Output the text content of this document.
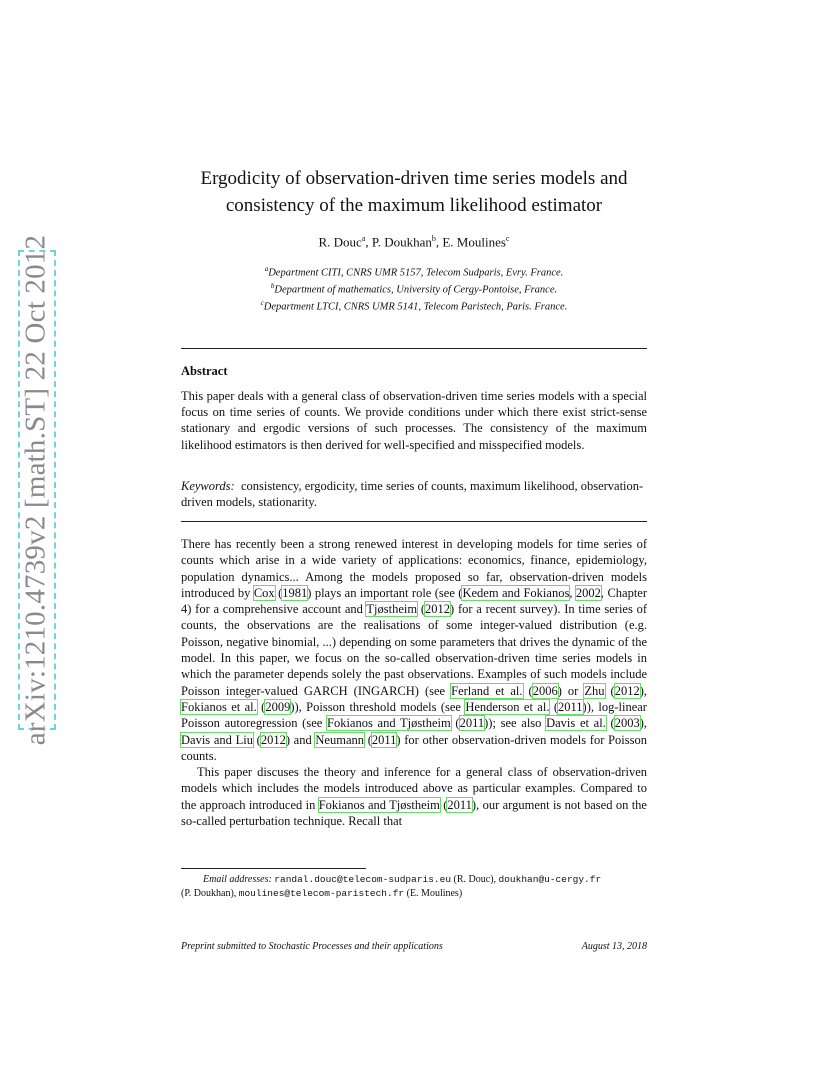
arXiv:1210.4739v2 [math.ST] 22 Oct 2012
Ergodicity of observation-driven time series models and
consistency of the maximum likelihood estimator
R. Douc$^a$, P. Doukhan$^b$, E. Moulines$^c$
$^a$Department CITI, CNRS UMR 5157, Telecom Sudparis, Evry. France.
$^b$Department of mathematics, University of Cergy-Pontoise, France.
$^c$Department LTCI, CNRS UMR 5141, Telecom Paristech, Paris. France.
Abstract
This paper deals with a general class of observation-driven time series models with a special focus on time series of counts. We provide conditions under which there exist strict-sense stationary and ergodic versions of such processes. The consistency of the maximum likelihood estimators is then derived for well-specified and misspecified models.
Keywords: consistency, ergodicity, time series of counts, maximum likelihood, observation-driven models, stationarity.

There has recently been a strong renewed interest in developing models for time series of counts which arise in a wide variety of applications: economics, finance, epidemiology, population dynamics... Among the models proposed so far, observation-driven models introduced by Cox (1981) plays an important role (see (Kedem and Fokianos, 2002, Chapter 4) for a comprehensive account and Tjøstheim (2012) for a recent survey). In time series of counts, the observations are the realisations of some integer-valued distribution (e.g. Poisson, negative binomial, ...) depending on some parameters that drives the dynamic of the model. In this paper, we focus on the so-called observation-driven time series models in which the parameter depends solely the past observations. Examples of such models include Poisson integer-valued GARCH (INGARCH) (see Ferland et al. (2006) or Zhu (2012), Fokianos et al. (2009)), Poisson threshold models (see Henderson et al. (2011)), log-linear Poisson autoregression (see Fokianos and Tjøstheim (2011)); see also Davis et al. (2003), Davis and Liu (2012) and Neumann (2011) for other observation-driven models for Poisson counts.

This paper discuses the theory and inference for a general class of observation-driven models which includes the models introduced above as particular examples. Compared to the approach introduced in Fokianos and Tjøstheim (2011), our argument is not based on the so-called perturbation technique. Recall that

Email addresses: randal.douc@telecom-sudparis.eu (R. Douc), doukhan@u-cergy.fr
(P. Doukhan), moulines@telecom-paristech.fr (E. Moulines)
Preprint submitted to Stochastic Processes and their applications	August 13, 2018
